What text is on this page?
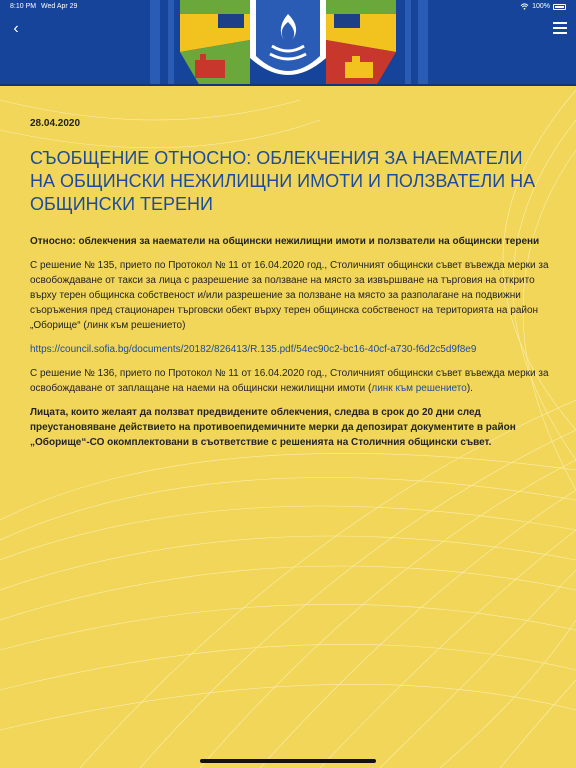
8:10 PM Wed Apr 29	100%
‹

28.04.2020

СЪОБЩЕНИЕ ОТНОСНО: ОБЛЕКЧЕНИЯ ЗА НАЕМАТЕЛИ НА ОБЩИНСКИ НЕЖИЛИЩНИ ИМОТИ И ПОЛЗВАТЕЛИ НА ОБЩИНСКИ ТЕРЕНИ

Относно: облекчения за наематели на общински нежилищни имоти и ползватели на общински терени

С решение № 135, прието по Протокол № 11 от 16.04.2020 год., Столичният общински съвет въвежда мерки за освобождаване от такси за лица с разрешение за ползване на място за извършване на търговия на открито върху терен общинска собственост и/или разрешение за ползване на място за разполагане на подвижни съоръжения пред стационарен търговски обект върху терен общинска собственост на територията на район „Оборище“ (линк към решението)

https://council.sofia.bg/documents/20182/826413/R.135.pdf/54ec90c2-bc16-40cf-a730-f6d2c5d9f8e9

С решение № 136, прието по Протокол № 11 от 16.04.2020 год., Столичният общински съвет въвежда мерки за освобождаване от заплащане на наеми на общински нежилищни имоти (линк към решението).

Лицата, които желаят да ползват предвидените облекчения, следва в срок до 20 дни след преустановяване действието на противоепидемичните мерки да депозират документите в район „Оборище“-СО окомплектовани в съответствие с решенията на Столичния общински съвет.
